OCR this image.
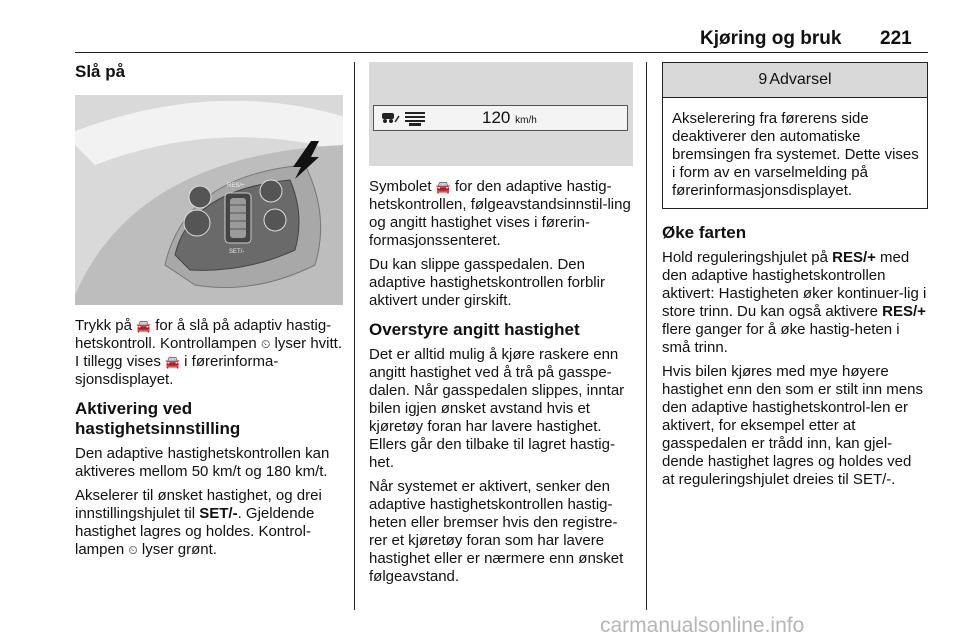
Kjøring og bruk 221
Slå på
RES/+
SET/-

Trykk på 🚘 for å slå på adaptiv hastig-hetskontroll. Kontrollampen ⏲ lyser hvitt. I tillegg vises 🚘 i førerinforma-sjonsdisplayet.

Aktivering ved hastighetsinnstilling

Den adaptive hastighetskontrollen kan aktiveres mellom 50 km/t og 180 km/t.

Akselerer til ønsket hastighet, og drei innstillingshjulet til SET/-. Gjeldende hastighet lagres og holdes. Kontrol-lampen ⏲ lyser grønt.

120 km/h

Symbolet 🚘 for den adaptive hastig-hetskontrollen, følgeavstandsinnstil-ling og angitt hastighet vises i førerin-formasjonssenteret.

Du kan slippe gasspedalen. Den adaptive hastighetskontrollen forblir aktivert under girskift.

Overstyre angitt hastighet

Det er alltid mulig å kjøre raskere enn angitt hastighet ved å trå på gasspe-dalen. Når gasspedalen slippes, inntar bilen igjen ønsket avstand hvis et kjøretøy foran har lavere hastighet. Ellers går den tilbake til lagret hastig-het.

Når systemet er aktivert, senker den adaptive hastighetskontrollen hastig-heten eller bremser hvis den registre-rer et kjøretøy foran som har lavere hastighet eller er nærmere enn ønsket følgeavstand.

9 Advarsel

Akselerering fra førerens side deaktiverer den automatiske bremsingen fra systemet. Dette vises i form av en varselmelding på førerinformasjonsdisplayet.

Øke farten

Hold reguleringshjulet på RES/+ med den adaptive hastighetskontrollen aktivert: Hastigheten øker kontinuer-lig i store trinn. Du kan også aktivere RES/+ flere ganger for å øke hastig-heten i små trinn.

Hvis bilen kjøres med mye høyere hastighet enn den som er stilt inn mens den adaptive hastighetskontrol-len er aktivert, for eksempel etter at gasspedalen er trådd inn, kan gjel-dende hastighet lagres og holdes ved at reguleringshjulet dreies til SET/-.

carmanualsonline.info
